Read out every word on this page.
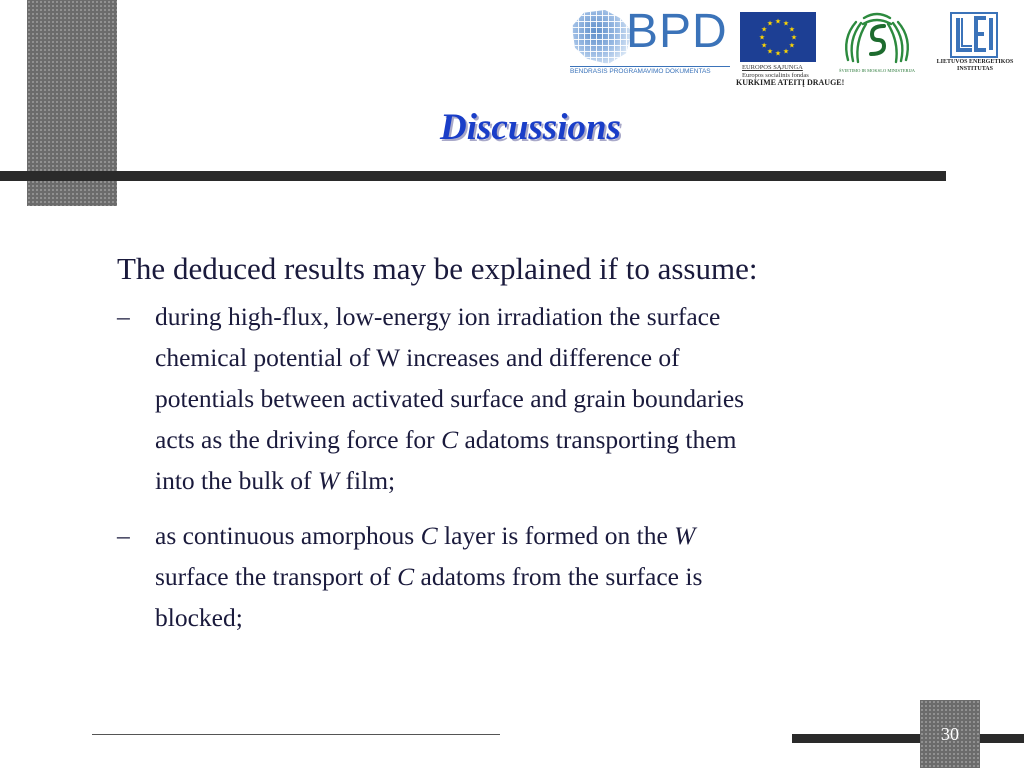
BPD
BENDRASIS PROGRAMAVIMO DOKUMENTAS
★
★
★
★
★
★
★
★
★ ★ ★
★
EUROPOS SĄJUNGA
Europos socialinis fondas
ŠVIETIMO IR MOKSLO MINISTERIJA
KURKIME ATEITĮ DRAUGE!
LIETUVOS ENERGETIKOS
INSTITUTAS
Discussions

The deduced results may be explained if to assume:

– during high-flux, low-energy ion irradiation the surface
chemical potential of W increases and difference of
potentials between activated surface and grain boundaries
acts as the driving force for C adatoms transporting them
into the bulk of W film;
– as continuous amorphous C layer is formed on the W
surface the transport of C adatoms from the surface is
blocked;
30
